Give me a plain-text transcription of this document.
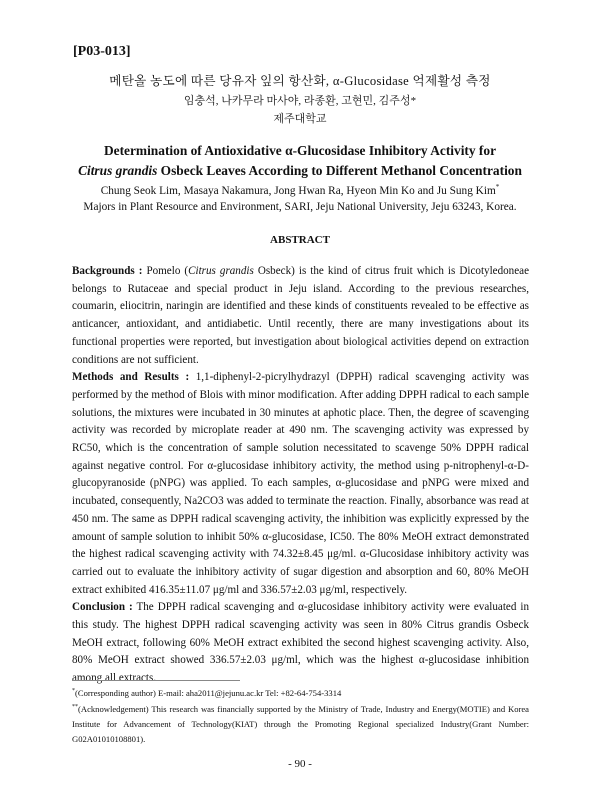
[P03-013]
메탄올 농도에 따른 당유자 잎의 항산화, α-Glucosidase 억제활성 측정
임충석, 나카무라 마사야, 라종환, 고현민, 김주성*
제주대학교
Determination of Antioxidative α-Glucosidase Inhibitory Activity for
Citrus grandis Osbeck Leaves According to Different Methanol Concentration
Chung Seok Lim, Masaya Nakamura, Jong Hwan Ra, Hyeon Min Ko and Ju Sung Kim*
Majors in Plant Resource and Environment, SARI, Jeju National University, Jeju 63243, Korea.
ABSTRACT

Backgrounds : Pomelo (Citrus grandis Osbeck) is the kind of citrus fruit which is Dicotyledoneae belongs to Rutaceae and special product in Jeju island. According to the previous researches, coumarin, eliocitrin, naringin are identified and these kinds of constituents revealed to be effective as anticancer, antioxidant, and antidiabetic. Until recently, there are many investigations about its functional properties were reported, but investigation about biological activities depend on extraction conditions are not sufficient.

Methods and Results : 1,1-diphenyl-2-picrylhydrazyl (DPPH) radical scavenging activity was performed by the method of Blois with minor modification. After adding DPPH radical to each sample solutions, the mixtures were incubated in 30 minutes at aphotic place. Then, the degree of scavenging activity was recorded by microplate reader at 490 nm. The scavenging activity was expressed by RC50, which is the concentration of sample solution necessitated to scavenge 50% DPPH radical against negative control. For α-glucosidase inhibitory activity, the method using p-nitrophenyl-α-D-glucopyranoside (pNPG) was applied. To each samples, α-glucosidase and pNPG were mixed and incubated, consequently, Na2CO3 was added to terminate the reaction. Finally, absorbance was read at 450 nm. The same as DPPH radical scavenging activity, the inhibition was explicitly expressed by the amount of sample solution to inhibit 50% α-glucosidase, IC50. The 80% MeOH extract demonstrated the highest radical scavenging activity with 74.32±8.45 μg/ml. α-Glucosidase inhibitory activity was carried out to evaluate the inhibitory activity of sugar digestion and absorption and 60, 80% MeOH extract exhibited 416.35±11.07 μg/ml and 336.57±2.03 μg/ml, respectively.

Conclusion : The DPPH radical scavenging and α-glucosidase inhibitory activity were evaluated in this study. The highest DPPH radical scavenging activity was seen in 80% Citrus grandis Osbeck MeOH extract, following 60% MeOH extract exhibited the second highest scavenging activity. Also, 80% MeOH extract showed 336.57±2.03 μg/ml, which was the highest α-glucosidase inhibition among all extracts.

*(Corresponding author) E-mail: aha2011@jejunu.ac.kr Tel: +82-64-754-3314

**(Acknowledgement) This research was financially supported by the Ministry of Trade, Industry and Energy(MOTIE) and Korea Institute for Advancement of Technology(KIAT) through the Promoting Regional specialized Industry(Grant Number: G02A01010108801).

- 90 -
